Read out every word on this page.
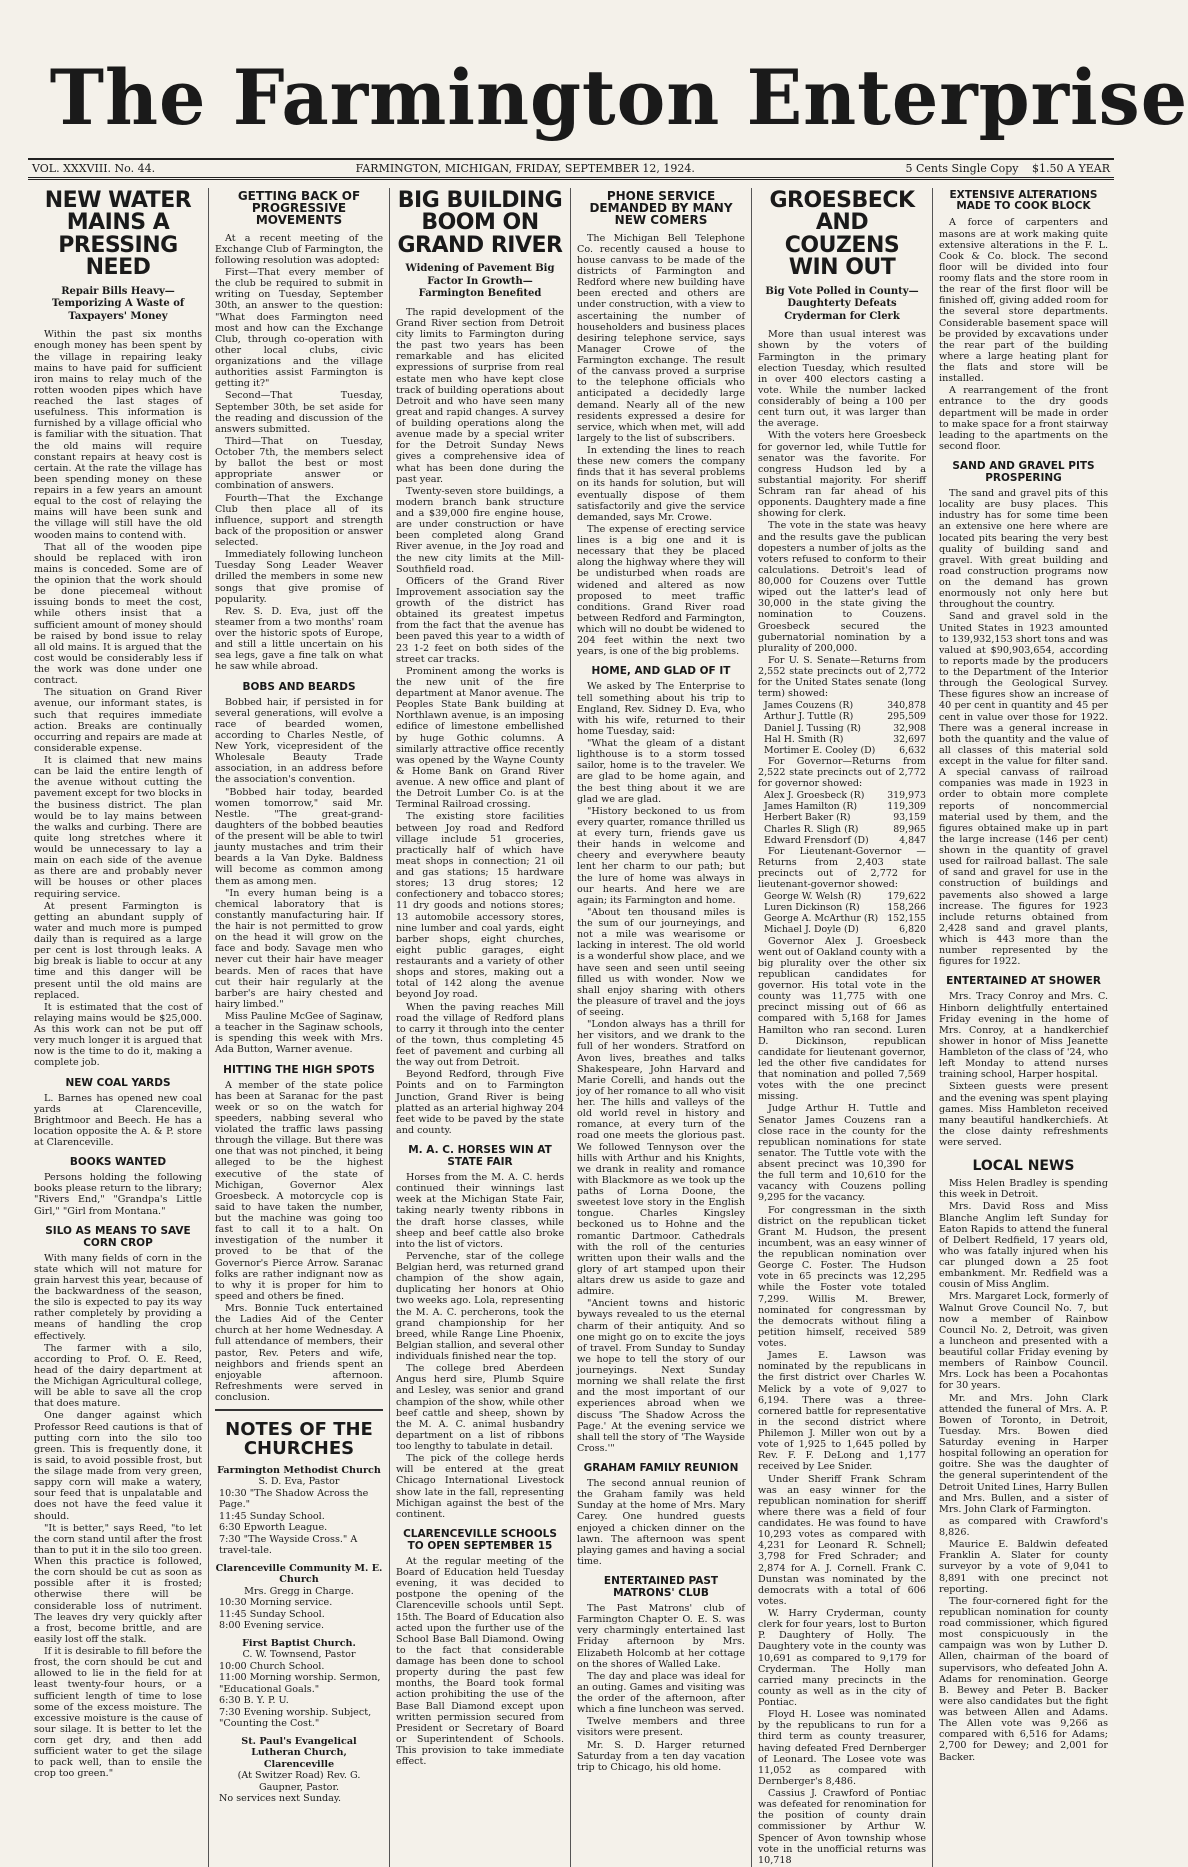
The Farmington Enterprise
VOL. XXXVIII. No. 44.	FARMINGTON, MICHIGAN, FRIDAY, SEPTEMBER 12, 1924.	5 Cents Single Copy $1.50 A YEAR
NEW WATER MAINS A PRESSING NEED
Repair Bills Heavy—Temporizing A Waste of Taxpayers' Money

Within the past six months enough money has been spent by the village in repairing leaky mains to have paid for sufficient iron mains to relay much of the rotten wooden pipes which have reached the last stages of usefulness. This information is furnished by a village official who is familiar with the situation. That the old mains will require constant repairs at heavy cost is certain. At the rate the village has been spending money on these repairs in a few years an amount equal to the cost of relaying the mains will have been sunk and the village will still have the old wooden mains to contend with.

That all of the wooden pipe should be replaced with iron mains is conceded. Some are of the opinion that the work should be done piecemeal without issuing bonds to meet the cost, while others insist that a sufficient amount of money should be raised by bond issue to relay all old mains. It is argued that the cost would be considerably less if the work was done under one contract.

The situation on Grand River avenue, our informant states, is such that requires immediate action. Breaks are continually occurring and repairs are made at considerable expense.

It is claimed that new mains can be laid the entire length of the avenue without cutting the pavement except for two blocks in the business district. The plan would be to lay mains between the walks and curbing. There are quite long stretches where it would be unnecessary to lay a main on each side of the avenue as there are and probably never will be houses or other places requiring service.

At present Farmington is getting an abundant supply of water and much more is pumped daily than is required as a large per cent is lost through leaks. A big break is liable to occur at any time and this danger will be present until the old mains are replaced.

It is estimated that the cost of relaying mains would be $25,000. As this work can not be put off very much longer it is argued that now is the time to do it, making a complete job.

NEW COAL YARDS

L. Barnes has opened new coal yards at Clarenceville, Brightmoor and Beech. He has a location opposite the A. & P. store at Clarenceville.

BOOKS WANTED

Persons holding the following books please return to the library; "Rivers End," "Grandpa's Little Girl," "Girl from Montana."

SILO AS MEANS TO SAVE CORN CROP

With many fields of corn in the state which will not mature for grain harvest this year, because of the backwardness of the season, the silo is expected to pay its way rather completely by providing a means of handling the crop effectively.

The farmer with a silo, according to Prof. O. E. Reed, head of the dairy department at the Michigan Agricultural college, will be able to save all the crop that does mature.

One danger against which Professor Reed cautions is that of putting corn into the silo too green. This is frequently done, it is said, to avoid possible frost, but the silage made from very green, sappy corn will make a watery, sour feed that is unpalatable and does not have the feed value it should.

"It is better," says Reed, "to let the corn stand until after the frost than to put it in the silo too green. When this practice is followed, the corn should be cut as soon as possible after it is frosted; otherwise there will be considerable loss of nutriment. The leaves dry very quickly after a frost, become brittle, and are easily lost off the stalk.

If it is desirable to fill before the frost, the corn should be cut and allowed to lie in the field for at least twenty-four hours, or a sufficient length of time to lose some of the excess moisture. The excessive moisture is the cause of sour silage. It is better to let the corn get dry, and then add sufficient water to get the silage to pack well, than to ensile the crop too green."

GETTING BACK OF PROGRESSIVE MOVEMENTS

At a recent meeting of the Exchange Club of Farmington, the following resolution was adopted:

First—That every member of the club be required to submit in writing on Tuesday, September 30th, an answer to the question: "What does Farmington need most and how can the Exchange Club, through co-operation with other local clubs, civic organizations and the village authorities assist Farmington is getting it?"

Second—That Tuesday, September 30th, be set aside for the reading and discussion of the answers submitted.

Third—That on Tuesday, October 7th, the members select by ballot the best or most appropriate answer or combination of answers.

Fourth—That the Exchange Club then place all of its influence, support and strength back of the proposition or answer selected.

Immediately following luncheon Tuesday Song Leader Weaver drilled the members in some new songs that give promise of popularity.

Rev. S. D. Eva, just off the steamer from a two months' roam over the historic spots of Europe, and still a little uncertain on his sea legs, gave a fine talk on what he saw while abroad.

BOBS AND BEARDS

Bobbed hair, if persisted in for several generations, will evolve a race of bearded women, according to Charles Nestle, of New York, vicepresident of the Wholesale Beauty Trade association, in an address before the association's convention.

"Bobbed hair today, bearded women tomorrow," said Mr. Nestle. "The great-grand-daughters of the bobbed beauties of the present will be able to twirl jaunty mustaches and trim their beards a la Van Dyke. Baldness will become as common among them as among men.

"In every human being is a chemical laboratory that is constantly manufacturing hair. If the hair is not permitted to grow on the head it will grow on the face and body. Savage men who never cut their hair have meager beards. Men of races that have cut their hair regularly at the barber's are hairy chested and hairy limbed."

Miss Pauline McGee of Saginaw, a teacher in the Saginaw schools, is spending this week with Mrs. Ada Button, Warner avenue.

HITTING THE HIGH SPOTS

A member of the state police has been at Saranac for the past week or so on the watch for speeders, nabbing several who violated the traffic laws passing through the village. But there was one that was not pinched, it being alleged to be the highest executive of the state of Michigan, Governor Alex Groesbeck. A motorcycle cop is said to have taken the number, but the machine was going too fast to call it to a halt. On investigation of the number it proved to be that of the Governor's Pierce Arrow. Saranac folks are rather indignant now as to why it is proper for him to speed and others be fined.

Mrs. Bonnie Tuck entertained the Ladies Aid of the Center church at her home Wednesday. A full attendance of members, their pastor, Rev. Peters and wife, neighbors and friends spent an enjoyable afternoon. Refreshments were served in conclusion.

NOTES OF THE CHURCHES
Farmington Methodist Church
S. D. Eva, Pastor
10:30 "The Shadow Across the Page."
11:45 Sunday School.
6:30 Epworth League.
7:30 "The Wayside Cross." A travel-tale.
Clarenceville Community M. E. Church
Mrs. Gregg in Charge.
10:30 Morning service.
11:45 Sunday School.
8:00 Evening service.
First Baptist Church.
C. W. Townsend, Pastor
10:00 Church School.
11:00 Morning worship. Sermon, "Educational Goals."
6:30 B. Y. P. U.
7:30 Evening worship. Subject, "Counting the Cost."
St. Paul's Evangelical Lutheran Church, Clarenceville
(At Switzer Road) Rev. G. Gaupner, Pastor.
No services next Sunday.
BIG BUILDING BOOM ON GRAND RIVER
Widening of Pavement Big Factor In Growth—Farmington Benefited

The rapid development of the Grand River section from Detroit city limits to Farmington during the past two years has been remarkable and has elicited expressions of surprise from real estate men who have kept close track of building operations about Detroit and who have seen many great and rapid changes. A survey of building operations along the avenue made by a special writer for the Detroit Sunday News gives a comprehensive idea of what has been done during the past year.

Twenty-seven store buildings, a modern branch bank structure and a $39,000 fire engine house, are under construction or have been completed along Grand River avenue, in the Joy road and the new city limits at the Mill-Southfield road.

Officers of the Grand River Improvement association say the growth of the district has obtained its greatest impetus from the fact that the avenue has been paved this year to a width of 23 1-2 feet on both sides of the street car tracks.

Prominent among the works is the new unit of the fire department at Manor avenue. The Peoples State Bank building at Northlawn avenue, is an imposing edifice of limestone embellished by huge Gothic columns. A similarly attractive office recently was opened by the Wayne County & Home Bank on Grand River avenue. A new office and plant of the Detroit Lumber Co. is at the Terminal Railroad crossing.

The existing store facilities between Joy road and Redford village include 51 groceries, practically half of which have meat shops in connection; 21 oil and gas stations; 15 hardware stores; 13 drug stores; 12 confectionery and tobacco stores; 11 dry goods and notions stores; 13 automobile accessory stores, nine lumber and coal yards, eight barber shops, eight churches, eight public garages, eight restaurants and a variety of other shops and stores, making out a total of 142 along the avenue beyond Joy road.

When the paving reaches Mill road the village of Redford plans to carry it through into the center of the town, thus completing 45 feet of pavement and curbing all the way out from Detroit.

Beyond Redford, through Five Points and on to Farmington Junction, Grand River is being platted as an arterial highway 204 feet wide to be paved by the state and county.

M. A. C. HORSES WIN AT STATE FAIR

Horses from the M. A. C. herds continued their winnings last week at the Michigan State Fair, taking nearly twenty ribbons in the draft horse classes, while sheep and beef cattle also broke into the list of victors.

Pervenche, star of the college Belgian herd, was returned grand champion of the show again, duplicating her honors at Ohio two weeks ago. Lola, representing the M. A. C. percherons, took the grand championship for her breed, while Range Line Phoenix, Belgian stallion, and several other individuals finished near the top.

The college bred Aberdeen Angus herd sire, Plumb Squire and Lesley, was senior and grand champion of the show, while other beef cattle and sheep, shown by the M. A. C. animal husbandry department on a list of ribbons too lengthy to tabulate in detail.

The pick of the college herds will be entered at the great Chicago International Livestock show late in the fall, representing Michigan against the best of the continent.

CLARENCEVILLE SCHOOLS TO OPEN SEPTEMBER 15

At the regular meeting of the Board of Education held Tuesday evening, it was decided to postpone the opening of the Clarenceville schools until Sept. 15th. The Board of Education also acted upon the further use of the School Base Ball Diamond. Owing to the fact that considerable damage has been done to school property during the past few months, the Board took formal action prohibiting the use of the Base Ball Diamond except upon written permission secured from President or Secretary of Board or Superintendent of Schools. This provision to take immediate effect.

PHONE SERVICE DEMANDED BY MANY NEW COMERS

The Michigan Bell Telephone Co. recently caused a house to house canvass to be made of the districts of Farmington and Redford where new building have been erected and others are under construction, with a view to ascertaining the number of householders and business places desiring telephone service, says Manager Crowe of the Farmington exchange. The result of the canvass proved a surprise to the telephone officials who anticipated a decidedly large demand. Nearly all of the new residents expressed a desire for service, which when met, will add largely to the list of subscribers.

In extending the lines to reach these new comers the company finds that it has several problems on its hands for solution, but will eventually dispose of them satisfactorily and give the service demanded, says Mr. Crowe.

The expense of erecting service lines is a big one and it is necessary that they be placed along the highway where they will be undisturbed when roads are widened and altered as now proposed to meet traffic conditions. Grand River road between Redford and Farmington, which will no doubt be widened to 204 feet within the next two years, is one of the big problems.

HOME, AND GLAD OF IT

We asked by The Enterprise to tell something about his trip to England, Rev. Sidney D. Eva, who with his wife, returned to their home Tuesday, said:

"What the gleam of a distant lighthouse is to a storm tossed sailor, home is to the traveler. We are glad to be home again, and the best thing about it we are glad we are glad.

"History beckoned to us from every quarter, romance thrilled us at every turn, friends gave us their hands in welcome and cheery and everywhere beauty lent her charm to our path; but the lure of home was always in our hearts. And here we are again; its Farmington and home.

"About ten thousand miles is the sum of our journeyings, and not a mile was wearisome or lacking in interest. The old world is a wonderful show place, and we have seen and seen until seeing filled us with wonder. Now we shall enjoy sharing with others the pleasure of travel and the joys of seeing.

"London always has a thrill for her visitors, and we drank to the full of her wonders. Stratford on Avon lives, breathes and talks Shakespeare, John Harvard and Marie Corelli, and hands out the joy of her romance to all who visit her. The hills and valleys of the old world revel in history and romance, at every turn of the road one meets the glorious past. We followed Tennyson over the hills with Arthur and his Knights, we drank in reality and romance with Blackmore as we took up the paths of Lorna Doone, the sweetest love story in the English tongue. Charles Kingsley beckoned us to Hohne and the romantic Dartmoor. Cathedrals with the roll of the centuries written upon their walls and the glory of art stamped upon their altars drew us aside to gaze and admire.

"Ancient towns and historic byways revealed to us the eternal charm of their antiquity. And so one might go on to excite the joys of travel. From Sunday to Sunday we hope to tell the story of our journeyings. Next Sunday morning we shall relate the first and the most important of our experiences abroad when we discuss 'The Shadow Across the Page.' At the evening service we shall tell the story of 'The Wayside Cross.'"

GRAHAM FAMILY REUNION

The second annual reunion of the Graham family was held Sunday at the home of Mrs. Mary Carey. One hundred guests enjoyed a chicken dinner on the lawn. The afternoon was spent playing games and having a social time.

ENTERTAINED PAST MATRONS' CLUB

The Past Matrons' club of Farmington Chapter O. E. S. was very charmingly entertained last Friday afternoon by Mrs. Elizabeth Holcomb at her cottage on the shores of Walled Lake.

The day and place was ideal for an outing. Games and visiting was the order of the afternoon, after which a fine luncheon was served.

Twelve members and three visitors were present.

Mr. S. D. Harger returned Saturday from a ten day vacation trip to Chicago, his old home.

GROESBECK AND COUZENS WIN OUT
Big Vote Polled in County—Daughterty Defeats Cryderman for Clerk

More than usual interest was shown by the voters of Farmington in the primary election Tuesday, which resulted in over 400 electors casting a vote. While the number lacked considerably of being a 100 per cent turn out, it was larger than the average.

With the voters here Groesbeck for governor led, while Tuttle for senator was the favorite. For congress Hudson led by a substantial majority. For sheriff Schram ran far ahead of his opponents. Daughtery made a fine showing for clerk.

The vote in the state was heavy and the results gave the publican dopesters a number of jolts as the voters refused to conform to their calculations. Detroit's lead of 80,000 for Couzens over Tuttle wiped out the latter's lead of 30,000 in the state giving the nomination to Couzens. Groesbeck secured the gubernatorial nomination by a plurality of 200,000.

For U. S. Senate—Returns from 2,552 state precincts out of 2,772 for the United States senate (long term) showed:

James Couzens (R)	340,878
Arthur J. Tuttle (R)	295,509
Daniel J. Tussing (R)	32,908
Hal H. Smith (R)	32,697
Mortimer E. Cooley (D)	6,632

For Governor—Returns from 2,522 state precincts out of 2,772 for governor showed:

Alex J. Groesbeck (R) 319,973
James Hamilton (R)	119,309
Herbert Baker (R)	93,159
Charles R. Sligh (R)	89,965
Edward Frensdorf (D)	4,847

For Lieutenant-Governor — Returns from 2,403 state precincts out of 2,772 for lieutenant-governor showed:

George W. Welsh (R)	179,622
Luren Dickinson (R)	158,266
George A. McArthur (R) 152,155
Michael J. Doyle (D)	6,820

Governor Alex J. Groesbeck went out of Oakland county with a big plurality over the other six republican candidates for governor. His total vote in the county was 11,775 with one precinct missing out of 66 as compared with 5,168 for James Hamilton who ran second. Luren D. Dickinson, republican candidate for lieutenant governor, led the other five candidates for that nomination and polled 7,569 votes with the one precinct missing.

Judge Arthur H. Tuttle and Senator James Couzens ran a close race in the county for the republican nominations for state senator. The Tuttle vote with the absent precinct was 10,390 for the full term and 10,610 for the vacancy with Couzens polling 9,295 for the vacancy.

For congressman in the sixth district on the republican ticket Grant M. Hudson, the present incumbent, was an easy winner of the republican nomination over George C. Foster. The Hudson vote in 65 precincts was 12,295 while the Foster vote totaled 7,299. Willis M. Brewer, nominated for congressman by the democrats without filing a petition himself, received 589 votes.

James E. Lawson was nominated by the republicans in the first district over Charles W. Melick by a vote of 9,027 to 6,194. There was a three-cornered battle for representative in the second district where Philemon J. Miller won out by a vote of 1,925 to 1,645 polled by Rev. F. F. DeLong and 1,177 received by Lee Snider.

Under Sheriff Frank Schram was an easy winner for the republican nomination for sheriff where there was a field of four candidates. He was found to have 10,293 votes as compared with 4,231 for Leonard R. Schnell; 3,798 for Fred Schrader; and 2,874 for A. J. Cornell. Frank C. Dunstan was nominated by the democrats with a total of 606 votes.

W. Harry Cryderman, county clerk for four years, lost to Burton P. Daughtery of Holly. The Daughtery vote in the county was 10,691 as compared to 9,179 for Cryderman. The Holly man carried many precincts in the county as well as in the city of Pontiac.

Floyd H. Losee was nominated by the republicans to run for a third term as county treasurer, having defeated Fred Dernberger of Leonard. The Losee vote was 11,052 as compared with Dernberger's 8,486.

Cassius J. Crawford of Pontiac was defeated for renomination for the position of county drain commissioner by Arthur W. Spencer of Avon township whose vote in the unofficial returns was 10,718

EXTENSIVE ALTERATIONS MADE TO COOK BLOCK

A force of carpenters and masons are at work making quite extensive alterations in the F. L. Cook & Co. block. The second floor will be divided into four roomy flats and the store room in the rear of the first floor will be finished off, giving added room for the several store departments. Considerable basement space will be provided by excavations under the rear part of the building where a large heating plant for the flats and store will be installed.

A rearrangement of the front entrance to the dry goods department will be made in order to make space for a front stairway leading to the apartments on the second floor.

SAND AND GRAVEL PITS PROSPERING

The sand and gravel pits of this locality are busy places. This industry has for some time been an extensive one here where are located pits bearing the very best quality of building sand and gravel. With great building and road construction programs now on the demand has grown enormously not only here but throughout the country.

Sand and gravel sold in the United States in 1923 amounted to 139,932,153 short tons and was valued at $90,903,654, according to reports made by the producers to the Department of the Interior through the Geological Survey. These figures show an increase of 40 per cent in quantity and 45 per cent in value over those for 1922. There was a general increase in both the quantity and the value of all classes of this material sold except in the value for filter sand. A special canvass of railroad companies was made in 1923 in order to obtain more complete reports of noncommercial material used by them, and the figures obtained make up in part the large increase (146 per cent) shown in the quantity of gravel used for railroad ballast. The sale of sand and gravel for use in the construction of buildings and pavements also showed a large increase. The figures for 1923 include returns obtained from 2,428 sand and gravel plants, which is 443 more than the number represented by the figures for 1922.

ENTERTAINED AT SHOWER

Mrs. Tracy Conroy and Mrs. C. Hinborn delightfully entertained Friday evening in the home of Mrs. Conroy, at a handkerchief shower in honor of Miss Jeanette Hambleton of the class of '24, who left Monday to attend nurses training school, Harper hospital.

Sixteen guests were present and the evening was spent playing games. Miss Hambleton received many beautiful handkerchiefs. At the close dainty refreshments were served.

LOCAL NEWS

Miss Helen Bradley is spending this week in Detroit.

Mrs. David Ross and Miss Blanche Anglim left Sunday for Eaton Rapids to attend the funeral of Delbert Redfield, 17 years old, who was fatally injured when his car plunged down a 25 foot embankment. Mr. Redfield was a cousin of Miss Anglim.

Mrs. Margaret Lock, formerly of Walnut Grove Council No. 7, but now a member of Rainbow Council No. 2, Detroit, was given a luncheon and presented with a beautiful collar Friday evening by members of Rainbow Council. Mrs. Lock has been a Pocahontas for 30 years.

Mr. and Mrs. John Clark attended the funeral of Mrs. A. P. Bowen of Toronto, in Detroit, Tuesday. Mrs. Bowen died Saturday evening in Harper hospital following an operation for goitre. She was the daughter of the general superintendent of the Detroit United Lines, Harry Bullen and Mrs. Bullen, and a sister of Mrs. John Clark of Farmington.

as compared with Crawford's 8,826.

Maurice E. Baldwin defeated Franklin A. Slater for county surveyor by a vote of 9,041 to 8,891 with one precinct not reporting.

The four-cornered fight for the republican nomination for county road commissioner, which figured most conspicuously in the campaign was won by Luther D. Allen, chairman of the board of supervisors, who defeated John A. Adams for renomination. George B. Bewey and Peter B. Backer were also candidates but the fight was between Allen and Adams. The Allen vote was 9,266 as compared with 6,516 for Adams; 2,700 for Dewey; and 2,001 for Backer.
